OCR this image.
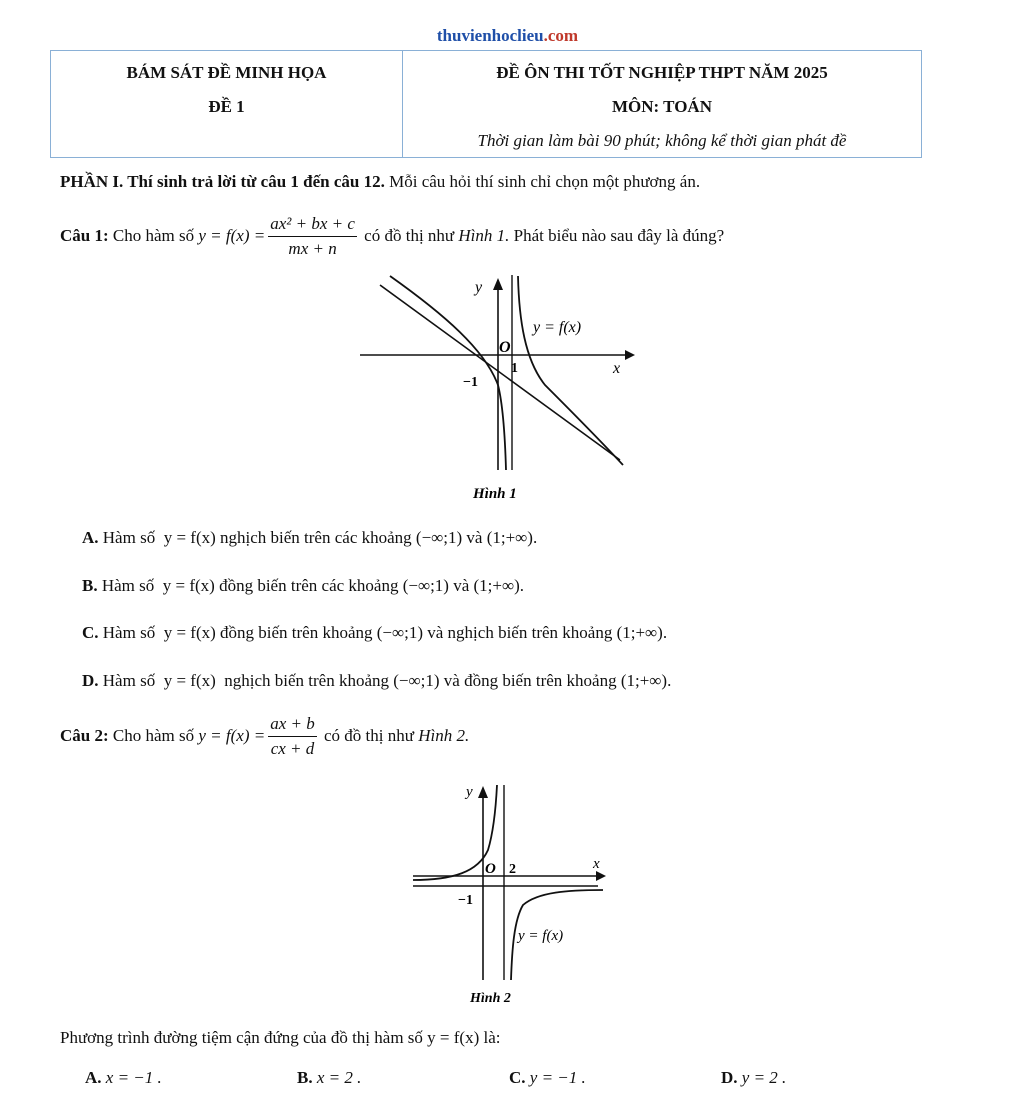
thuvienhoclieu.com
BÁM SÁT ĐỀ MINH HỌA
ĐỀ 1
ĐỀ ÔN THI TỐT NGHIỆP THPT NĂM 2025
MÔN: TOÁN
Thời gian làm bài 90 phút; không kể thời gian phát đề
PHẦN I. Thí sinh trả lời từ câu 1 đến câu 12. Mỗi câu hỏi thí sinh chỉ chọn một phương án.
Câu 1: Cho hàm số $y = f(x) = \frac{\text{ax² + bx + c}}{mx + n}$ có đồ thị như Hình 1. Phát biểu nào sau đây là đúng?
y
x
O
1
−1
y = f(x)
Hình 1
A. Hàm số  y = f(x) nghịch biến trên các khoảng (−∞;1) và (1;+∞).
B. Hàm số  y = f(x) đồng biến trên các khoảng (−∞;1) và (1;+∞).
C. Hàm số  y = f(x) đồng biến trên khoảng (−∞;1) và nghịch biến trên khoảng (1;+∞).
D. Hàm số  y = f(x)  nghịch biến trên khoảng (−∞;1) và đồng biến trên khoảng (1;+∞).
Câu 2: Cho hàm số $y = f(x) = \frac{ax + b}{cx + d}$ có đồ thị như Hình 2.
y
x
O 2
−1
y = f(x)
Hình 2
Phương trình đường tiệm cận đứng của đồ thị hàm số y = f(x) là:
A. x = −1 .	B. x = 2 .	C. y = −1 .	D. y = 2 .
